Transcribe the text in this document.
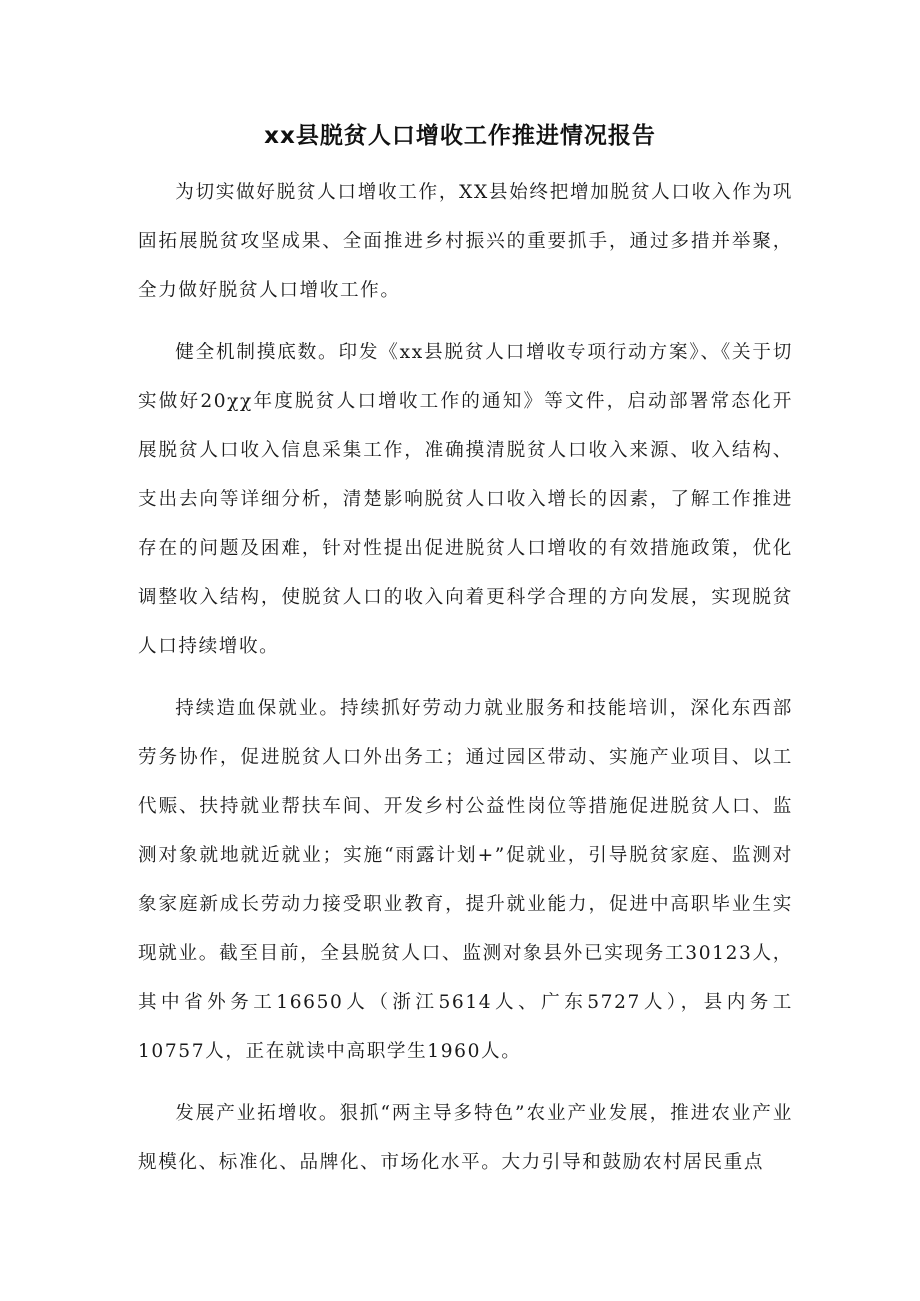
xx县脱贫人口增收工作推进情况报告

为切实做好脱贫人口增收工作，XX县始终把增加脱贫人口收入作为巩固拓展脱贫攻坚成果、全面推进乡村振兴的重要抓手，通过多措并举聚，全力做好脱贫人口增收工作。

健全机制摸底数。印发《xx县脱贫人口增收专项行动方案》、《关于切实做好20χχ年度脱贫人口增收工作的通知》等文件，启动部署常态化开展脱贫人口收入信息采集工作，准确摸清脱贫人口收入来源、收入结构、支出去向等详细分析，清楚影响脱贫人口收入增长的因素，了解工作推进存在的问题及困难，针对性提出促进脱贫人口增收的有效措施政策，优化调整收入结构，使脱贫人口的收入向着更科学合理的方向发展，实现脱贫人口持续增收。

持续造血保就业。持续抓好劳动力就业服务和技能培训，深化东西部劳务协作，促进脱贫人口外出务工；通过园区带动、实施产业项目、以工代赈、扶持就业帮扶车间、开发乡村公益性岗位等措施促进脱贫人口、监测对象就地就近就业；实施“雨露计划+”促就业，引导脱贫家庭、监测对象家庭新成长劳动力接受职业教育，提升就业能力，促进中高职毕业生实现就业。截至目前，全县脱贫人口、监测对象县外已实现务工30123人，其中省外务工16650人（浙江5614人、广东5727人），县内务工10757人，正在就读中高职学生1960人。

发展产业拓增收。狠抓“两主导多特色”农业产业发展，推进农业产业规模化、标准化、品牌化、市场化水平。大力引导和鼓励农村居民重点
